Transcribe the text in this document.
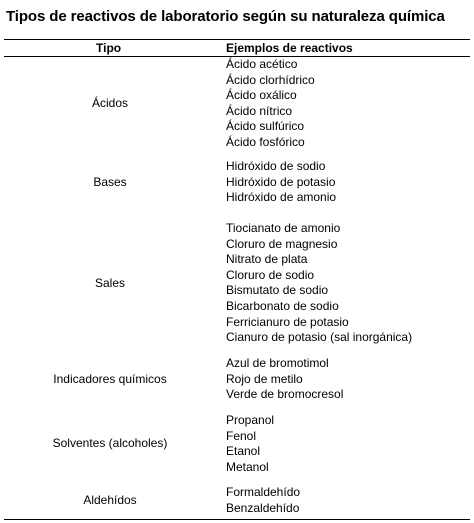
Tipos de reactivos de laboratorio según su naturaleza química
Tipo	Ejemplos de reactivos
Ácidos
Ácido acético
Ácido clorhídrico
Ácido oxálico
Ácido nítrico
Ácido sulfúrico
Ácido fosfórico
Bases
Hidróxido de sodio
Hidróxido de potasio
Hidróxido de amonio
Sales
Tiocianato de amonio
Cloruro de magnesio
Nitrato de plata
Cloruro de sodio
Bismutato de sodio
Bicarbonato de sodio
Ferricianuro de potasio
Cianuro de potasio (sal inorgánica)
Indicadores químicos
Azul de bromotimol
Rojo de metilo
Verde de bromocresol
Solventes (alcoholes)
Propanol
Fenol
Etanol
Metanol
Aldehídos
Formaldehído
Benzaldehído
